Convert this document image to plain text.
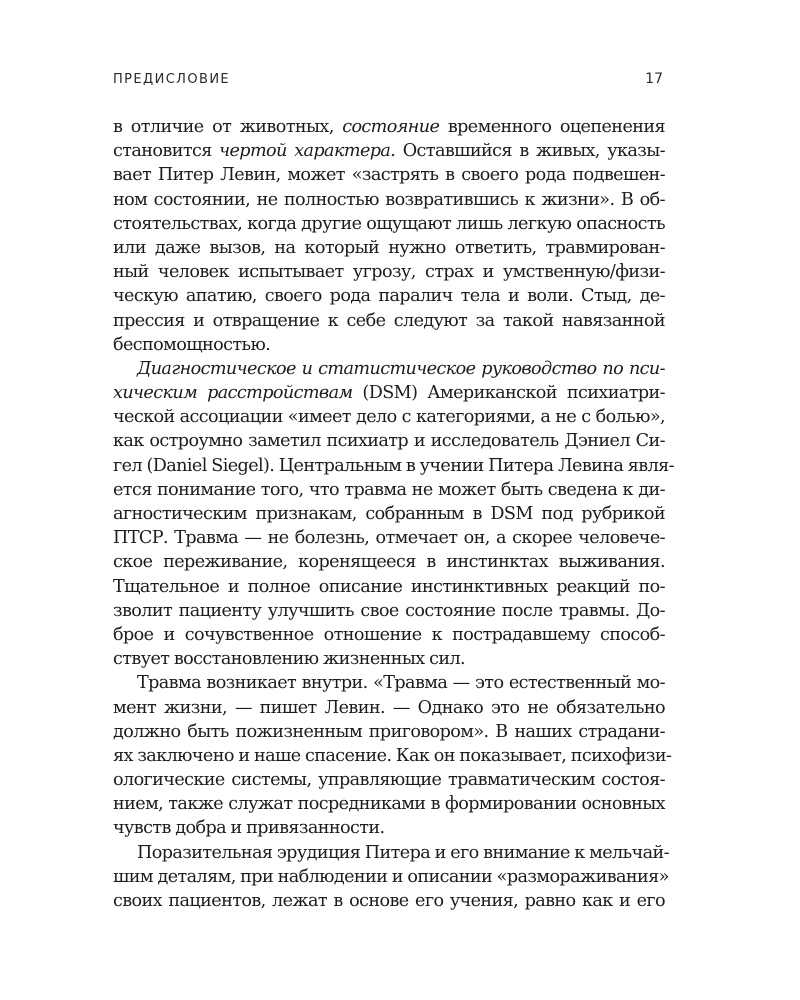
ПРЕДИСЛОВИЕ	17
в отличие от животных, состояние временного оцепенения
становится чертой характера. Оставшийся в живых, указы-
вает Питер Левин, может «застрять в своего рода подвешен-
ном состоянии, не полностью возвратившись к жизни». В об-
стоятельствах, когда другие ощущают лишь легкую опасность
или даже вызов, на который нужно ответить, травмирован-
ный человек испытывает угрозу, страх и умственную/физи-
ческую апатию, своего рода паралич тела и воли. Стыд, де-
прессия и отвращение к себе следуют за такой навязанной
беспомощностью.
Диагностическое и статистическое руководство по пси-
хическим расстройствам (DSM) Американской психиатри-
ческой ассоциации «имеет дело с категориями, а не с болью»,
как остроумно заметил психиатр и исследователь Дэниел Си-
гел (Daniel Siegel). Центральным в учении Питера Левина явля-
ется понимание того, что травма не может быть сведена к ди-
агностическим признакам, собранным в DSM под рубрикой
ПТСР. Травма — не болезнь, отмечает он, а скорее человече-
ское переживание, коренящееся в инстинктах выживания.
Тщательное и полное описание инстинктивных реакций по-
зволит пациенту улучшить свое состояние после травмы. До-
брое и сочувственное отношение к пострадавшему способ-
ствует восстановлению жизненных сил.
Травма возникает внутри. «Травма — это естественный мо-
мент жизни, — пишет Левин. — Однако это не обязательно
должно быть пожизненным приговором». В наших страдани-
ях заключено и наше спасение. Как он показывает, психофизи-
ологические системы, управляющие травматическим состоя-
нием, также служат посредниками в формировании основных
чувств добра и привязанности.
Поразительная эрудиция Питера и его внимание к мельчай-
шим деталям, при наблюдении и описании «размораживания»
своих пациентов, лежат в основе его учения, равно как и его
